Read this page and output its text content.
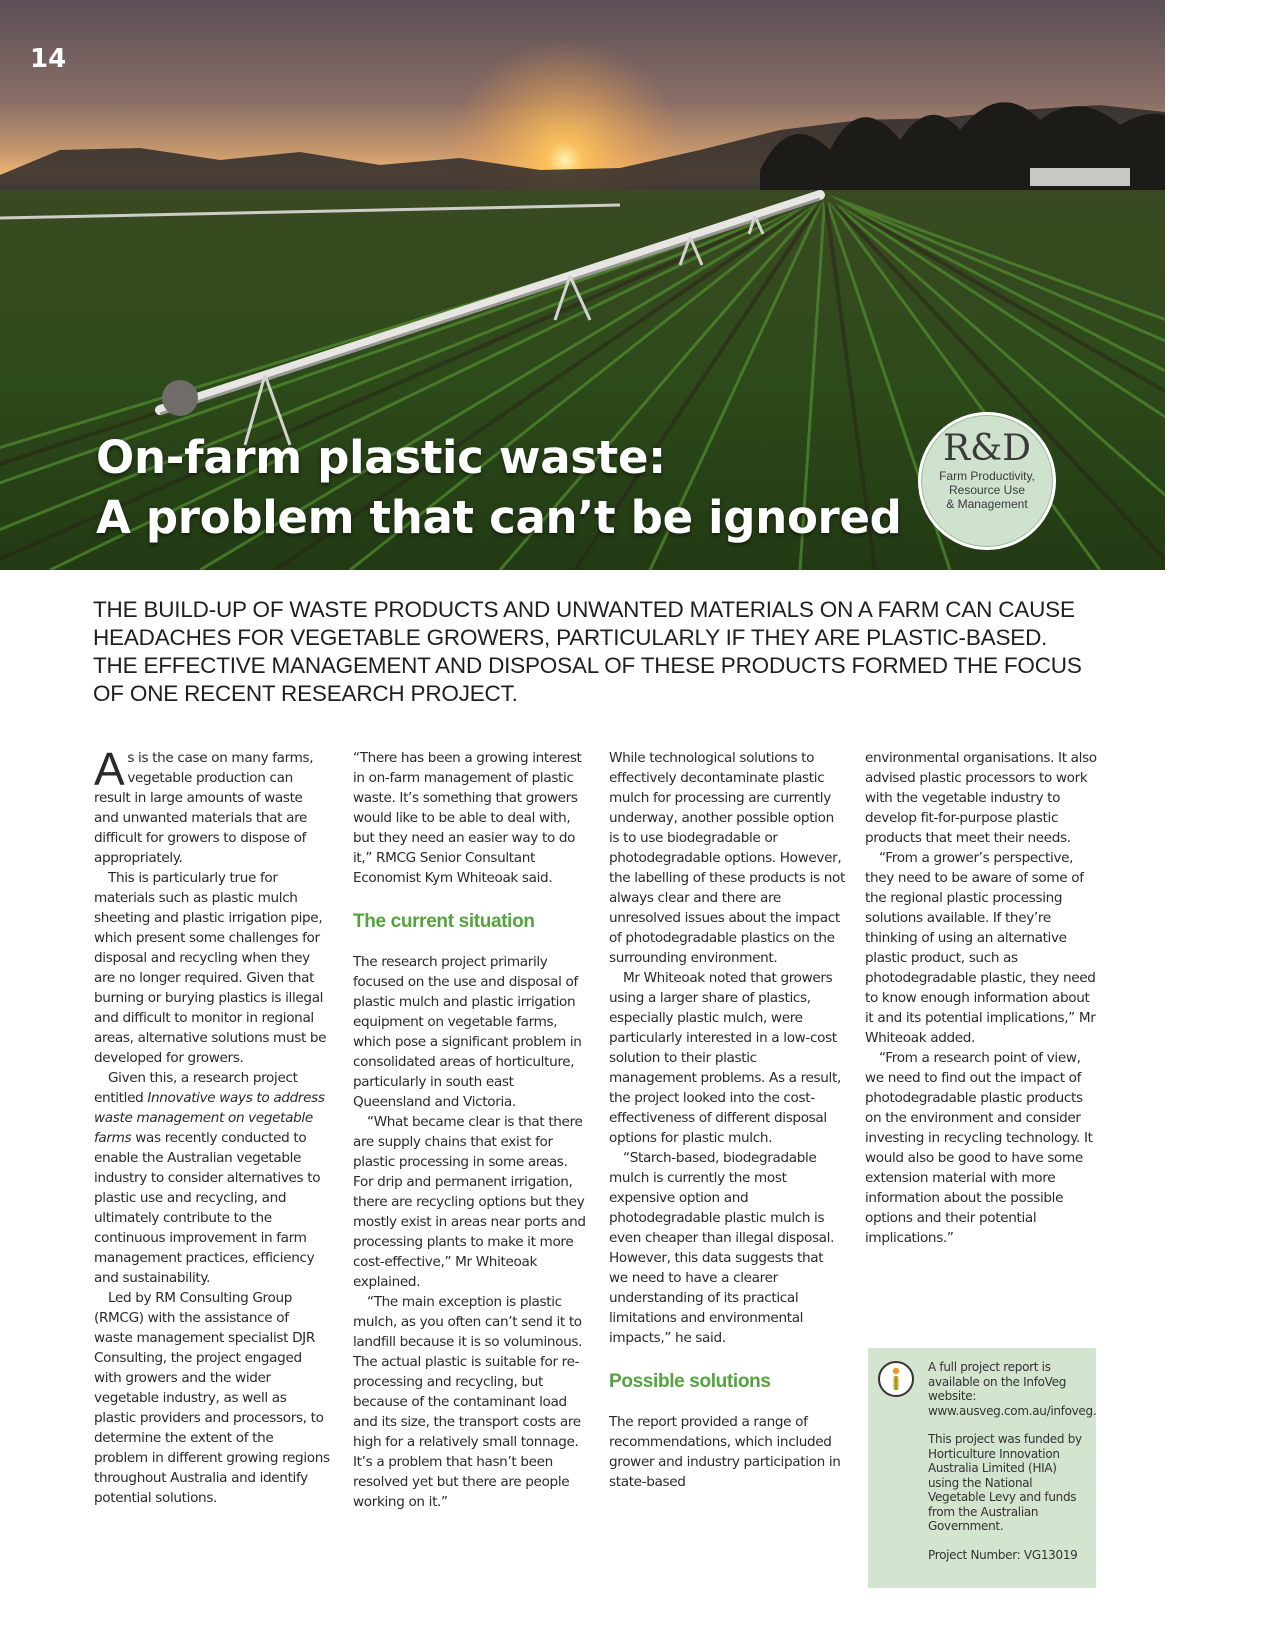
14
On-farm plastic waste:
A problem that can’t be ignored
R&D
Farm Productivity,
Resource Use
& Management

THE BUILD-UP OF WASTE PRODUCTS AND UNWANTED MATERIALS ON A FARM CAN CAUSE HEADACHES FOR VEGETABLE GROWERS, PARTICULARLY IF THEY ARE PLASTIC-BASED. THE EFFECTIVE MANAGEMENT AND DISPOSAL OF THESE PRODUCTS FORMED THE FOCUS OF ONE RECENT RESEARCH PROJECT.

As is the case on many farms, vegetable production can result in large amounts of waste and unwanted materials that are difficult for growers to dispose of appropriately.

This is particularly true for materials such as plastic mulch sheeting and plastic irrigation pipe, which present some challenges for disposal and recycling when they are no longer required. Given that burning or burying plastics is illegal and difficult to monitor in regional areas, alternative solutions must be developed for growers.

Given this, a research project entitled Innovative ways to address waste management on vegetable farms was recently conducted to enable the Australian vegetable industry to consider alternatives to plastic use and recycling, and ultimately contribute to the continuous improvement in farm management practices, efficiency and sustainability.

Led by RM Consulting Group (RMCG) with the assistance of waste management specialist DJR Consulting, the project engaged with growers and the wider vegetable industry, as well as plastic providers and processors, to determine the extent of the problem in different growing regions throughout Australia and identify potential solutions.

“There has been a growing interest in on-farm management of plastic waste. It’s something that growers would like to be able to deal with, but they need an easier way to do it,” RMCG Senior Consultant Economist Kym Whiteoak said.

The current situation

The research project primarily focused on the use and disposal of plastic mulch and plastic irrigation equipment on vegetable farms, which pose a significant problem in consolidated areas of horticulture, particularly in south east Queensland and Victoria.

“What became clear is that there are supply chains that exist for plastic processing in some areas. For drip and permanent irrigation, there are recycling options but they mostly exist in areas near ports and processing plants to make it more cost-effective,” Mr Whiteoak explained.

“The main exception is plastic mulch, as you often can’t send it to landfill because it is so voluminous. The actual plastic is suitable for re-processing and recycling, but because of the contaminant load and its size, the transport costs are high for a relatively small tonnage. It’s a problem that hasn’t been resolved yet but there are people working on it.”

While technological solutions to effectively decontaminate plastic mulch for processing are currently underway, another possible option is to use biodegradable or photodegradable options. However, the labelling of these products is not always clear and there are unresolved issues about the impact of photodegradable plastics on the surrounding environment.

Mr Whiteoak noted that growers using a larger share of plastics, especially plastic mulch, were particularly interested in a low-cost solution to their plastic management problems. As a result, the project looked into the cost-effectiveness of different disposal options for plastic mulch.

“Starch-based, biodegradable mulch is currently the most expensive option and photodegradable plastic mulch is even cheaper than illegal disposal. However, this data suggests that we need to have a clearer understanding of its practical limitations and environmental impacts,” he said.

Possible solutions

The report provided a range of recommendations, which included grower and industry participation in state-based

environmental organisations. It also advised plastic processors to work with the vegetable industry to develop fit-for-purpose plastic products that meet their needs.

“From a grower’s perspective, they need to be aware of some of the regional plastic processing solutions available. If they’re thinking of using an alternative plastic product, such as photodegradable plastic, they need to know enough information about it and its potential implications,” Mr Whiteoak added.

“From a research point of view, we need to find out the impact of photodegradable plastic products on the environment and consider investing in recycling technology. It would also be good to have some extension material with more information about the possible options and their potential implications.”

A full project report is available on the InfoVeg website: www.ausveg.com.au/infoveg.

This project was funded by Horticulture Innovation Australia Limited (HIA) using the National Vegetable Levy and funds from the Australian Government.

Project Number: VG13019
